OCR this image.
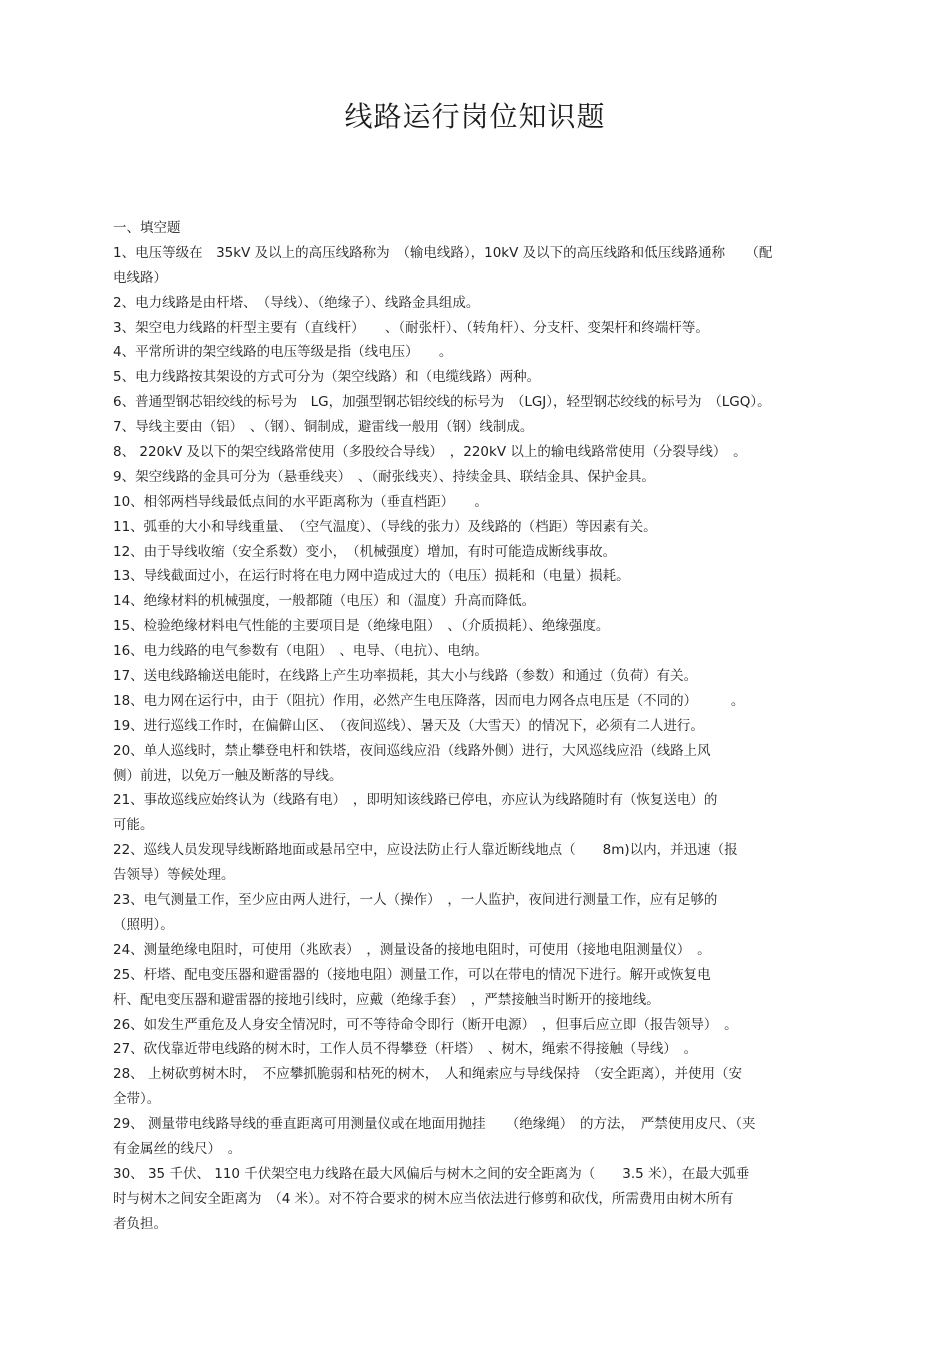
线路运行岗位知识题
一、填空题
1、电压等级在　35kV 及以上的高压线路称为　（输电线路），10kV 及以下的高压线路和低压线路通称　　（配
电线路）
2、电力线路是由杆塔、　（导线）、（绝缘子）、线路金具组成。
3、架空电力线路的杆型主要有（直线杆）　　、（耐张杆）、（转角杆）、分支杆、变架杆和终端杆等。
4、平常所讲的架空线路的电压等级是指（线电压）　　。
5、电力线路按其架设的方式可分为（架空线路）和（电缆线路）两种。
6、普通型钢芯铝绞线的标号为　LG，加强型钢芯铝绞线的标号为　（LGJ），轻型钢芯绞线的标号为　（LGQ）。
7、导线主要由（铝）　、（钢）、铜制成，避雷线一般用（钢）线制成。
8、 220kV 及以下的架空线路常使用（多股绞合导线）　，220kV 以上的输电线路常使用（分裂导线）　。
9、架空线路的金具可分为（悬垂线夹）　、（耐张线夹）、持续金具、联结金具、保护金具。
10、相邻两档导线最低点间的水平距离称为（垂直档距）　　。
11、弧垂的大小和导线重量、　（空气温度）、（导线的张力）及线路的（档距）等因素有关。
12、由于导线收缩（安全系数）变小，　（机械强度）增加，有时可能造成断线事故。
13、导线截面过小，在运行时将在电力网中造成过大的（电压）损耗和（电量）损耗。
14、绝缘材料的机械强度，一般都随（电压）和（温度）升高而降低。
15、检验绝缘材料电气性能的主要项目是（绝缘电阻）　、（介质损耗）、绝缘强度。
16、电力线路的电气参数有（电阻）　、电导、（电抗）、电纳。
17、送电线路输送电能时，在线路上产生功率损耗，其大小与线路（参数）和通过（负荷）有关。
18、电力网在运行中，由于（阻抗）作用，必然产生电压降落，因而电力网各点电压是（不同的）　　　。
19、进行巡线工作时，在偏僻山区、　（夜间巡线）、暑天及（大雪天）的情况下，必须有二人进行。
20、单人巡线时，禁止攀登电杆和铁塔，夜间巡线应沿（线路外侧）进行，大风巡线应沿（线路上风
侧）前进，以免万一触及断落的导线。
21、事故巡线应始终认为（线路有电）　，即明知该线路已停电，亦应认为线路随时有（恢复送电）的
可能。
22、巡线人员发现导线断路地面或悬吊空中，应设法防止行人靠近断线地点（　　8m)以内，并迅速（报
告领导）等候处理。
23、电气测量工作，至少应由两人进行，一人（操作）　，一人监护，夜间进行测量工作，应有足够的
（照明）。
24、测量绝缘电阻时，可使用（兆欧表）　，测量设备的接地电阻时，可使用（接地电阻测量仪）　。
25、杆塔、配电变压器和避雷器的（接地电阻）测量工作，可以在带电的情况下进行。解开或恢复电
杆、配电变压器和避雷器的接地引线时，应戴（绝缘手套）　，严禁接触当时断开的接地线。
26、如发生严重危及人身安全情况时，可不等待命令即行（断开电源）　，但事后应立即（报告领导）　。
27、砍伐靠近带电线路的树木时，工作人员不得攀登（杆塔）　、树木，绳索不得接触（导线）　。
28、 上树砍剪树木时，　不应攀抓脆弱和枯死的树木，　人和绳索应与导线保持　（安全距离），并使用（安
全带）。
29、 测量带电线路导线的垂直距离可用测量仪或在地面用抛挂　　（绝缘绳）　的方法，　严禁使用皮尺、（夹
有金属丝的线尺）　。
30、 35 千伏、 110 千伏架空电力线路在最大风偏后与树木之间的安全距离为（　　3.5 米），在最大弧垂
时与树木之间安全距离为　（4 米）。对不符合要求的树木应当依法进行修剪和砍伐，所需费用由树木所有
者负担。
